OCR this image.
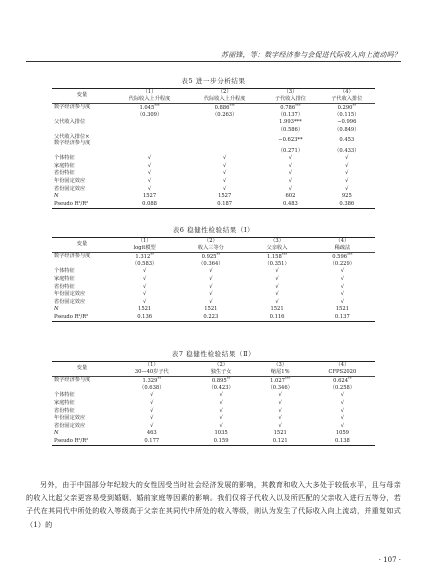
苏丽锋，等：数字经济参与会促进代际收入向上流动吗？
表5 进一步分析结果
变量	（1）	（2）	（3）	（4）
	代际收入上升程度	代际收入上升程度	子代收入排位	子代收入排位
数字经济参与度	1.045***	0.886***	0.786***	0.290**
	（0.309）	（0.263）	（0.137）	（0.115）
父代收入排位			1.993***	−0.996
			（0.586）	（0.849）

父代收入排位×
数字经济参与度			−0.623**	0.453
			（0.271）	（0.433）
个体特征	√	√	√	√
家庭特征	√	√	√	√
省份特征	√	√	√	√
年份固定效应	√	√	√	√
省份固定效应	√	√	√	√
N	1527	1527	602	925
Pseudo R²/R²	0.088	0.187	0.483	0.386
表6 稳健性检验结果（Ⅰ）
变量	（1）	（2）	（3）	（4）
	logit模型	收入三等分	父亲收入	稀疏法
数字经济参与度	1.312**	0.925**	1.158***	0.596***
	（0.583）	（0.364）	（0.351）	（0.229）
个体特征	√	√	√	√
家庭特征	√	√	√	√
省份特征	√	√	√	√
年份固定效应	√	√	√	√
省份固定效应	√	√	√	√
N	1521	1521	1521	1521
Pseudo R²/R²	0.136	0.223	0.116	0.137
表7 稳健性检验结果（Ⅱ）
变量	（1）	（2）	（3）	（4）
	30—40岁子代	独生子女	缩尾1%	CFPS2020
数字经济参与度	1.329**	0.895**	1.027***	0.624**
	（0.638）	（0.423）	（0.346）	（0.258）
个体特征	√	√	√	√
家庭特征	√	√	√	√
省份特征	√	√	√	√
年份固定效应	√	√	√	√
省份固定效应	√	√	√	√
N	463	1035	1521	1059
Pseudo R²/R²	0.177	0.159	0.121	0.138
另外，由于中国部分年纪较大的女性因受当时社会经济发展的影响，其教育和收入大多处于较低水平，且与母亲的收入比起父亲更容易受到婚姻、婚前家庭等因素的影响。我们仅将子代收入以及所匹配的父亲收入进行五等分，若子代在其同代中所处的收入等级高于父亲在其同代中所处的收入等级，则认为发生了代际收入向上流动，并重复如式（1）的
· 107 ·
